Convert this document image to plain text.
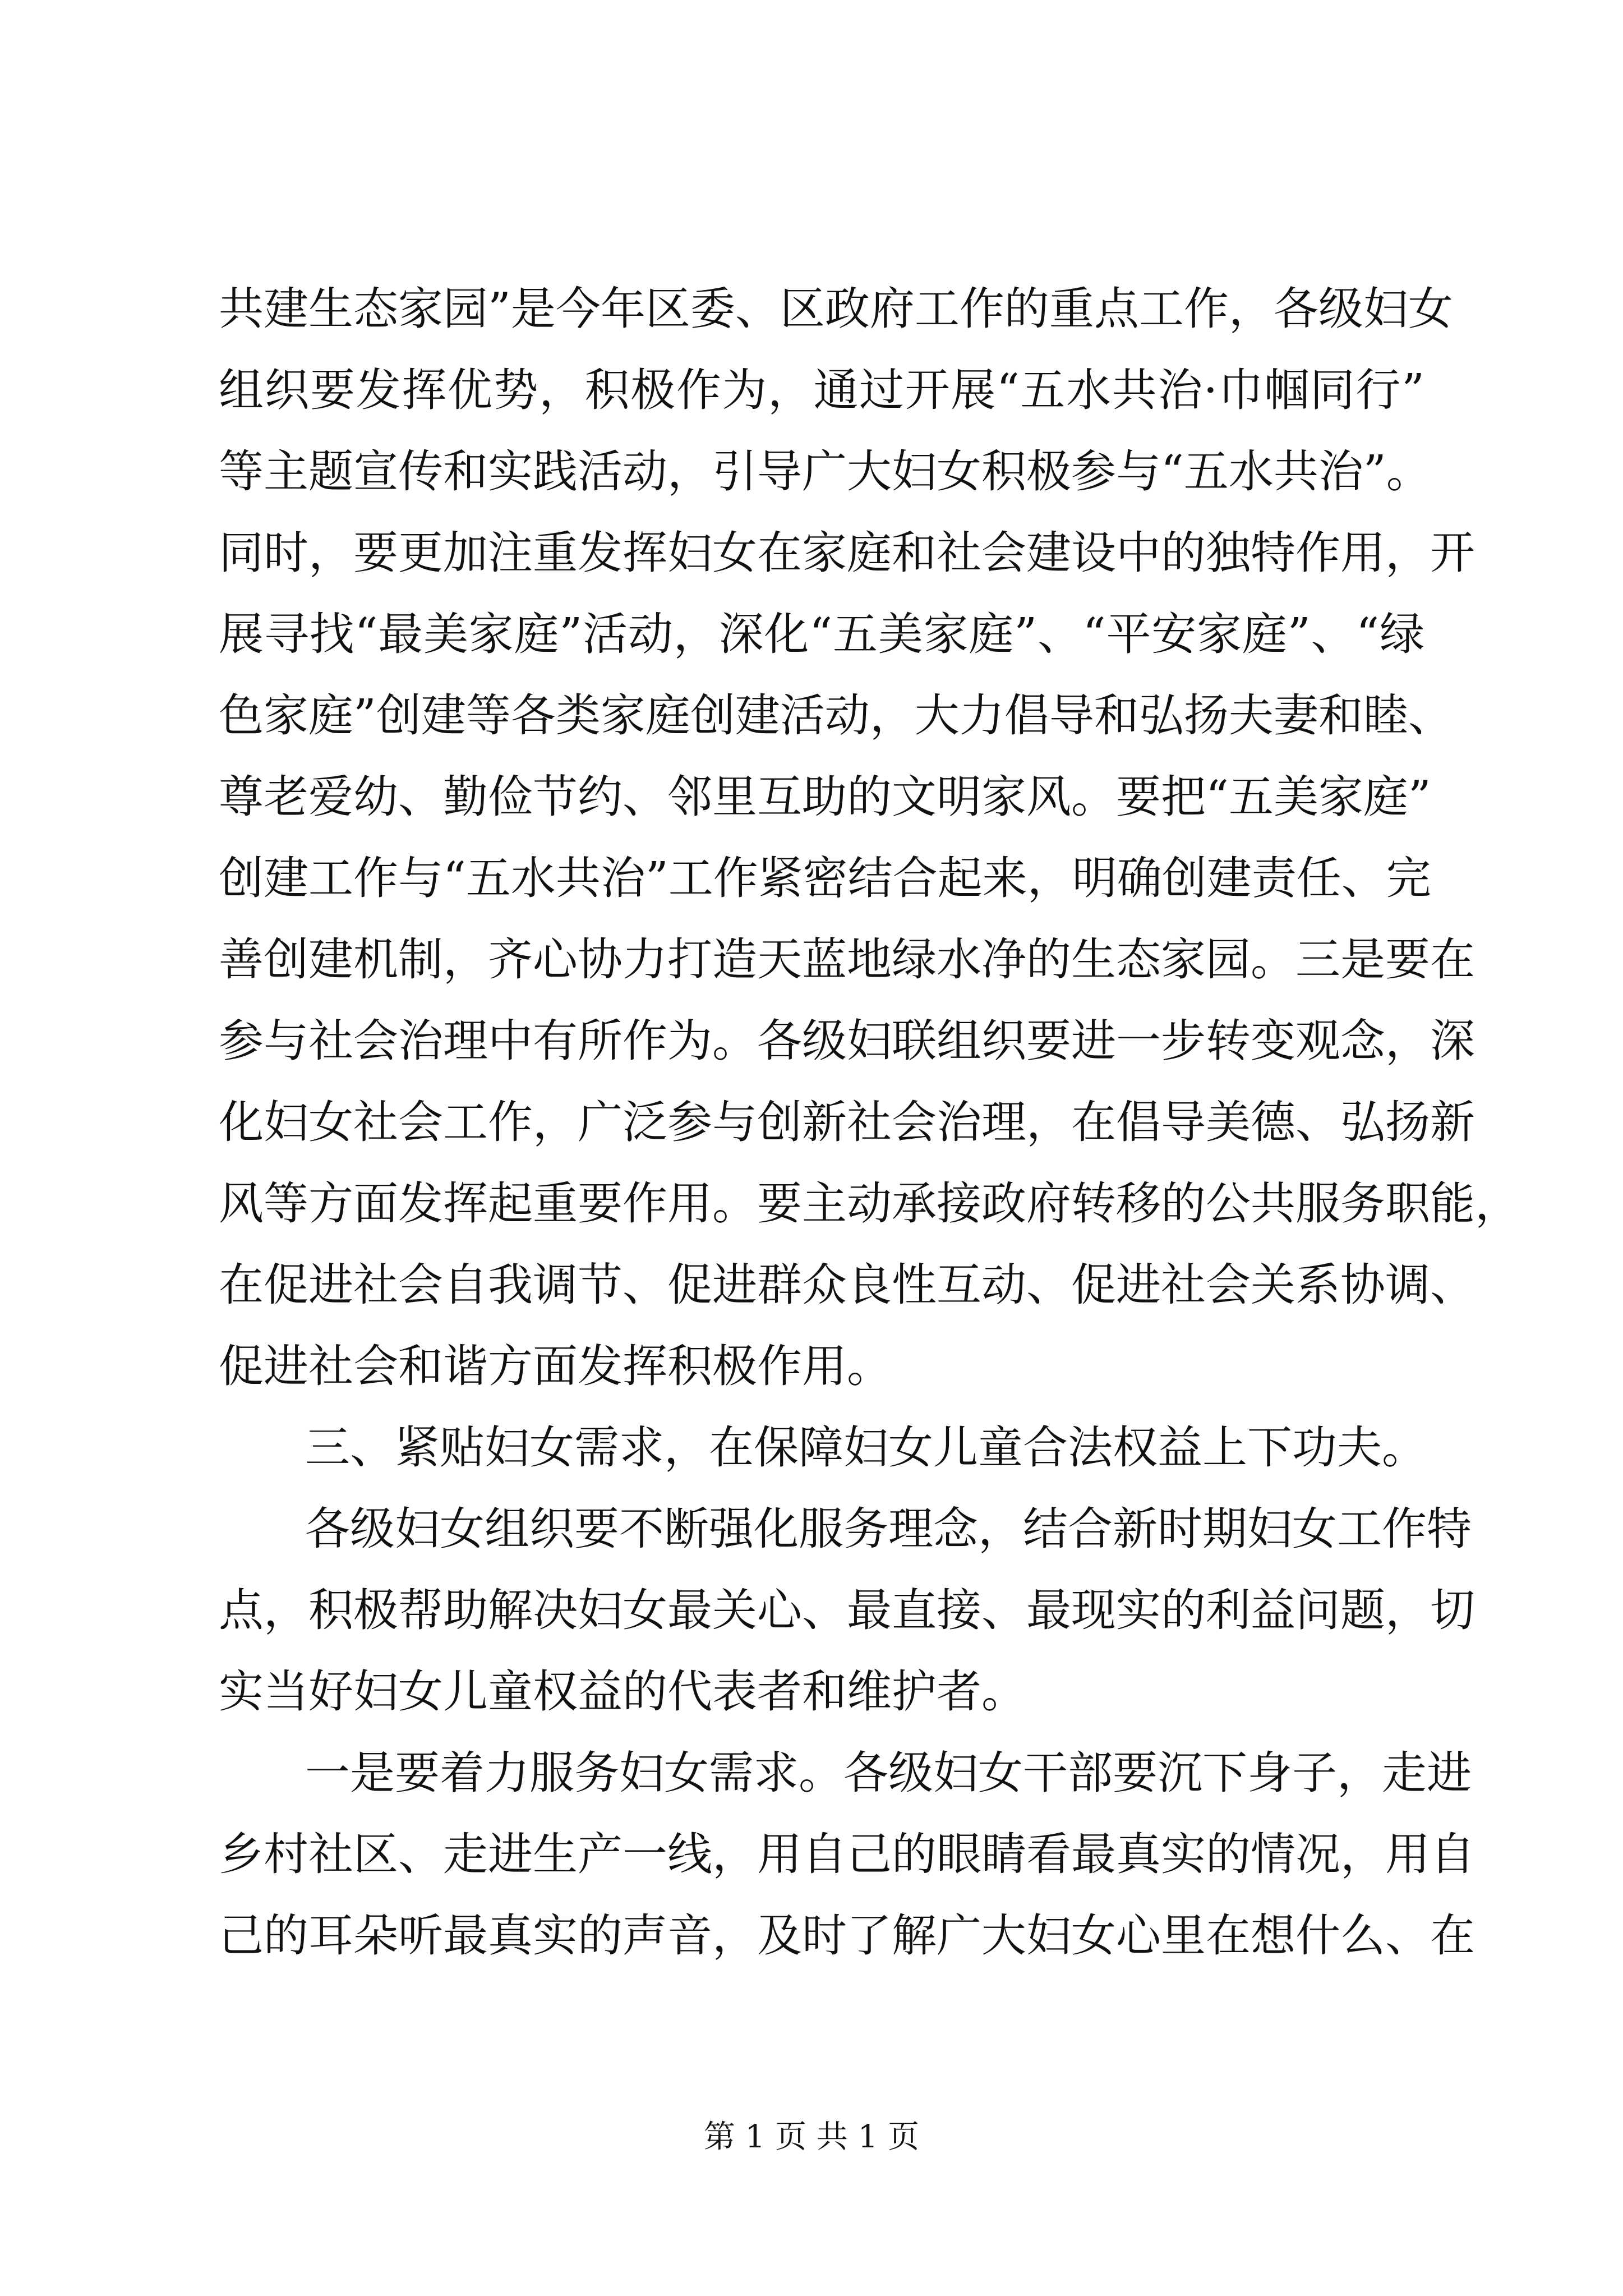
共建生态家园”是今年区委、区政府工作的重点工作，各级妇女
组织要发挥优势，积极作为，通过开展“五水共治·巾帼同行”
等主题宣传和实践活动，引导广大妇女积极参与“五水共治”。
同时，要更加注重发挥妇女在家庭和社会建设中的独特作用，开
展寻找“最美家庭”活动，深化“五美家庭”、“平安家庭”、“绿
色家庭”创建等各类家庭创建活动，大力倡导和弘扬夫妻和睦、
尊老爱幼、勤俭节约、邻里互助的文明家风。要把“五美家庭”
创建工作与“五水共治”工作紧密结合起来，明确创建责任、完
善创建机制，齐心协力打造天蓝地绿水净的生态家园。三是要在
参与社会治理中有所作为。各级妇联组织要进一步转变观念，深
化妇女社会工作，广泛参与创新社会治理，在倡导美德、弘扬新
风等方面发挥起重要作用。要主动承接政府转移的公共服务职能，
在促进社会自我调节、促进群众良性互动、促进社会关系协调、
促进社会和谐方面发挥积极作用。
三、紧贴妇女需求，在保障妇女儿童合法权益上下功夫。
各级妇女组织要不断强化服务理念，结合新时期妇女工作特
点，积极帮助解决妇女最关心、最直接、最现实的利益问题，切
实当好妇女儿童权益的代表者和维护者。
一是要着力服务妇女需求。各级妇女干部要沉下身子，走进
乡村社区、走进生产一线，用自己的眼睛看最真实的情况，用自
己的耳朵听最真实的声音，及时了解广大妇女心里在想什么、在
第 1 页 共 1 页
